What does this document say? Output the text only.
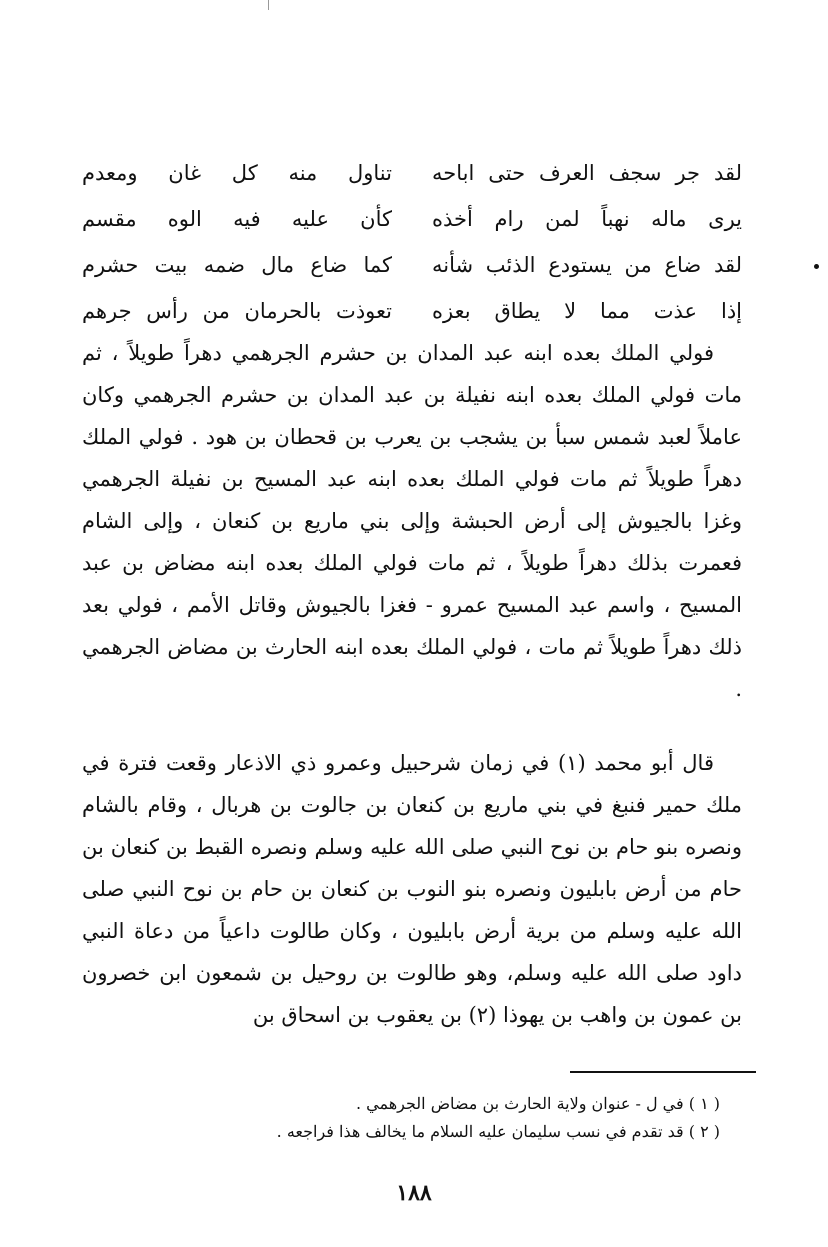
لقد جر سجف العرف حتى اباحه
تناول منه كل غان ومعدم
يرى ماله نهباً لمن رام أخذه
كأن عليه فيه الوه مقسم
لقد ضاع من يستودع الذئب شأنه
كما ضاع مال ضمه بيت حشرم
إذا عذت مما لا يطاق بعزه
تعوذت بالحرمان من رأس جرهم

فولي الملك بعده ابنه عبد المدان بن حشرم الجرهمي دهراً طويلاً ، ثم مات فولي الملك بعده ابنه نفيلة بن عبد المدان بن حشرم الجرهمي وكان عاملاً لعبد شمس سبأ بن يشجب بن يعرب بن قحطان بن هود . فولي الملك دهراً طويلاً ثم مات فولي الملك بعده ابنه عبد المسيح بن نفيلة الجرهمي وغزا بالجيوش إلى أرض الحبشة وإلى بني ماريع بن كنعان ، وإلى الشام فعمرت بذلك دهراً طويلاً ، ثم مات فولي الملك بعده ابنه مضاض بن عبد المسيح ، واسم عبد المسيح عمرو - فغزا بالجيوش وقاتل الأمم ، فولي بعد ذلك دهراً طويلاً ثم مات ، فولي الملك بعده ابنه الحارث بن مضاض الجرهمي .

قال أبو محمد (١) في زمان شرحبيل وعمرو ذي الاذعار وقعت فترة في ملك حمير فنبغ في بني ماريع بن كنعان بن جالوت بن هربال ، وقام بالشام ونصره بنو حام بن نوح النبي صلى الله عليه وسلم ونصره القبط بن كنعان بن حام من أرض بابليون ونصره بنو النوب بن كنعان بن حام بن نوح النبي صلى الله عليه وسلم من برية أرض بابليون ، وكان طالوت داعياً من دعاة النبي داود صلى الله عليه وسلم، وهو طالوت بن روحيل بن شمعون ابن خصرون بن عمون بن واهب بن يهوذا (٢) بن يعقوب بن اسحاق بن

( ١ ) في ل - عنوان ولاية الحارث بن مضاض الجرهمي .
( ٢ ) قد تقدم في نسب سليمان عليه السلام ما يخالف هذا فراجعه .
١٨٨
